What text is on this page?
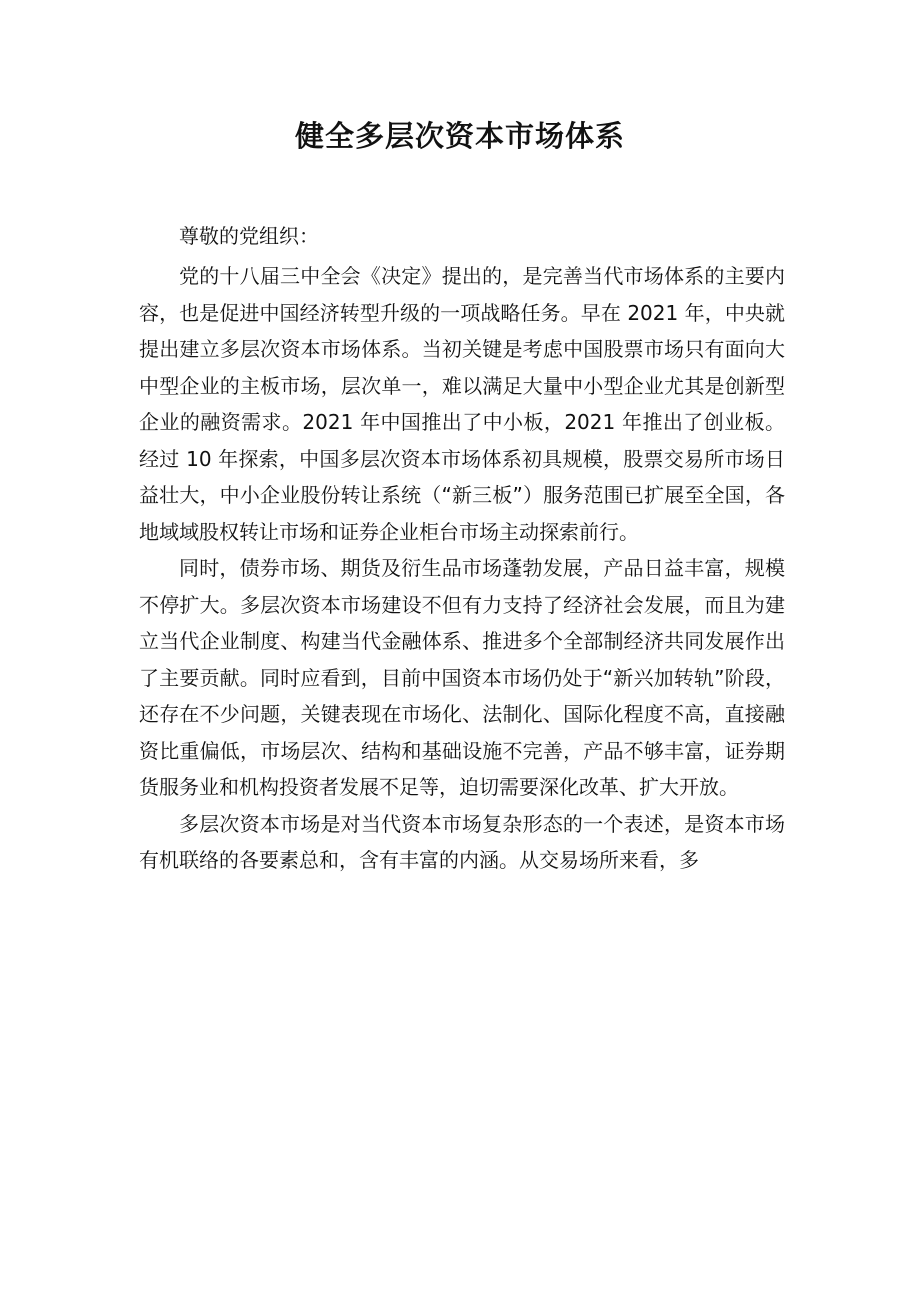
健全多层次资本市场体系

尊敬的党组织：

党的十八届三中全会《决定》提出的，是完善当代市场体系的主要内容，也是促进中国经济转型升级的一项战略任务。早在 2021 年，中央就提出建立多层次资本市场体系。当初关键是考虑中国股票市场只有面向大中型企业的主板市场，层次单一，难以满足大量中小型企业尤其是创新型企业的融资需求。2021 年中国推出了中小板，2021 年推出了创业板。经过 10 年探索，中国多层次资本市场体系初具规模，股票交易所市场日益壮大，中小企业股份转让系统（“新三板”）服务范围已扩展至全国，各地域域股权转让市场和证券企业柜台市场主动探索前行。

同时，债券市场、期货及衍生品市场蓬勃发展，产品日益丰富，规模不停扩大。多层次资本市场建设不但有力支持了经济社会发展，而且为建立当代企业制度、构建当代金融体系、推进多个全部制经济共同发展作出了主要贡献。同时应看到，目前中国资本市场仍处于“新兴加转轨”阶段，还存在不少问题，关键表现在市场化、法制化、国际化程度不高，直接融资比重偏低，市场层次、结构和基础设施不完善，产品不够丰富，证券期货服务业和机构投资者发展不足等，迫切需要深化改革、扩大开放。

多层次资本市场是对当代资本市场复杂形态的一个表述，是资本市场有机联络的各要素总和，含有丰富的内涵。从交易场所来看，多
